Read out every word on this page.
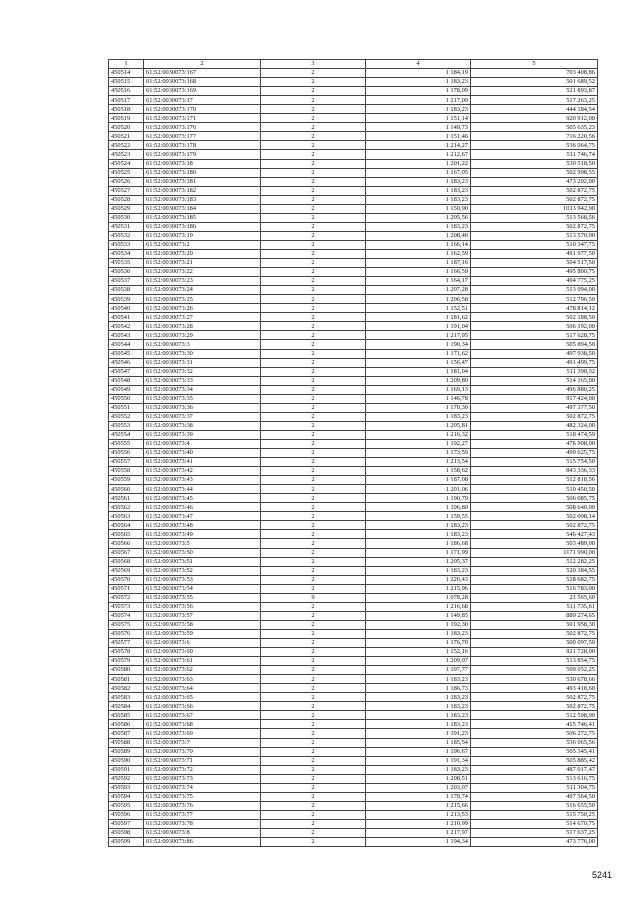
1	2	3	4	5
450514	61:52:0030073:167	2	1 184,19	703 408,86
450515	61:52:0030073:168	2	1 183,23	501 689,52
450516	61:52:0030073:169	2	1 178,09	521 893,87
450517	61:52:0030073:17	2	1 217,09	517 263,25
450518	61:52:0030073:170	2	1 183,23	444 184,54
450519	61:52:0030073:171	2	1 151,14	920 912,00
450520	61:52:0030073:176	2	1 149,73	505 635,23
450521	61:52:0030073:177	2	1 151,46	716 220,56
450522	61:52:0030073:178	2	1 214,27	536 064,75
450523	61:52:0030073:179	2	1 212,67	511 746,74
450524	61:52:0030073:18	2	1 201,22	530 518,50
450525	61:52:0030073:180	2	1 167,05	502 998,55
450526	61:52:0030073:181	2	1 183,23	473 292,00
450527	61:52:0030073:182	2	1 183,23	502 872,75
450528	61:52:0030073:183	2	1 183,23	502 872,75
450529	61:52:0030073:184	2	1 150,90	1013 942,90
450530	61:52:0030073:185	2	1 205,56	513 568,56
450531	61:52:0030073:186	2	1 183,23	502 872,75
450532	61:52:0030073:19	2	1 208,40	513 570,00
450533	61:52:0030073:2	2	1 166,14	510 347,75
450534	61:52:0030073:20	2	1 162,59	491 977,50
450535	61:52:0030073:21	2	1 187,16	504 517,50
450536	61:52:0030073:22	2	1 166,59	495 800,75
450537	61:52:0030073:23	2	1 164,17	494 775,25
450538	61:52:0030073:24	2	1 207,28	513 094,00
450539	61:52:0030073:25	2	1 206,58	512 796,50
450540	61:52:0030073:26	2	1 152,51	478 814,12
450541	61:52:0030073:27	2	1 181,62	502 188,50
450542	61:52:0030073:28	2	1 191,04	506 192,00
450543	61:52:0030073:29	2	1 217,95	517 628,75
450544	61:52:0030073:3	2	1 190,34	505 894,50
450545	61:52:0030073:30	2	1 171,62	497 938,50
450546	61:52:0030073:31	2	1 156,47	491 499,75
450547	61:52:0030073:32	2	1 181,04	511 390,32
450548	61:52:0030073:33	2	1 209,80	514 165,00
450549	61:52:0030073:34	2	1 169,13	496 880,25
450550	61:52:0030073:35	2	1 146,78	917 424,00
450551	61:52:0030073:36	2	1 170,30	497 377,50
450552	61:52:0030073:37	2	1 183,23	502 872,75
450553	61:52:0030073:38	2	1 205,81	482 324,00
450554	61:52:0030073:39	2	1 216,32	518 474,59
450555	61:52:0030073:4	2	1 192,27	476 908,00
450556	61:52:0030073:40	2	1 173,59	499 625,75
450557	61:52:0030073:41	2	1 213,54	515 754,50
450558	61:52:0030073:42	2	1 158,62	843 336,33
450559	61:52:0030073:43	2	1 187,08	512 818,56
450560	61:52:0030073:44	2	1 201,06	510 450,50
450561	61:52:0030073:45	2	1 190,79	506 085,75
450562	61:52:0030073:46	2	1 196,80	508 640,00
450563	61:52:0030073:47	2	1 159,55	502 098,14
450564	61:52:0030073:48	2	1 183,23	502 872,75
450565	61:52:0030073:49	2	1 183,23	546 427,43
450566	61:52:0030073:5	2	1 186,68	503 489,00
450567	61:52:0030073:50	2	1 171,99	1171 990,00
450568	61:52:0030073:51	2	1 205,37	512 282,25
450569	61:52:0030073:52	2	1 183,23	520 384,55
450570	61:52:0030073:53	2	1 220,43	518 682,75
450571	61:52:0030073:54	2	1 215,96	516 783,00
450572	61:52:0030073:55	9	1 078,28	21 565,60
450573	61:52:0030073:56	2	1 216,68	511 735,61
450574	61:52:0030073:57	2	1 149,85	889 274,65
450575	61:52:0030073:58	2	1 192,30	501 958,30
450576	61:52:0030073:59	2	1 183,23	502 872,75
450577	61:52:0030073:6	2	1 176,70	500 097,50
450578	61:52:0030073:60	2	1 152,16	921 728,00
450579	61:52:0030073:61	2	1 209,07	513 854,75
450580	61:52:0030073:62	2	1 197,77	509 052,25
450581	61:52:0030073:63	2	1 183,23	530 678,66
450582	61:52:0030073:64	2	1 186,73	493 418,60
450583	61:52:0030073:65	2	1 183,23	502 872,75
450584	61:52:0030073:66	2	1 183,23	502 872,75
450585	61:52:0030073:67	2	1 183,23	512 598,90
450586	61:52:0030073:68	2	1 183,23	415 746,41
450587	61:52:0030073:69	2	1 191,23	506 272,75
450588	61:52:0030073:7	2	1 185,54	536 065,56
450589	61:52:0030073:70	2	1 196,67	505 345,41
450590	61:52:0030073:71	2	1 191,34	505 885,42
450591	61:52:0030073:72	2	1 183,23	487 017,47
450592	61:52:0030073:73	2	1 208,51	513 616,75
450593	61:52:0030073:74	2	1 203,07	511 304,75
450594	61:52:0030073:75	2	1 170,74	497 564,50
450595	61:52:0030073:76	2	1 215,66	516 655,50
450596	61:52:0030073:77	2	1 213,53	515 750,25
450597	61:52:0030073:78	2	1 210,99	514 670,75
450598	61:52:0030073:8	2	1 217,97	517 637,25
450599	61:52:0030073:86	2	1 194,34	473 776,00
5241
